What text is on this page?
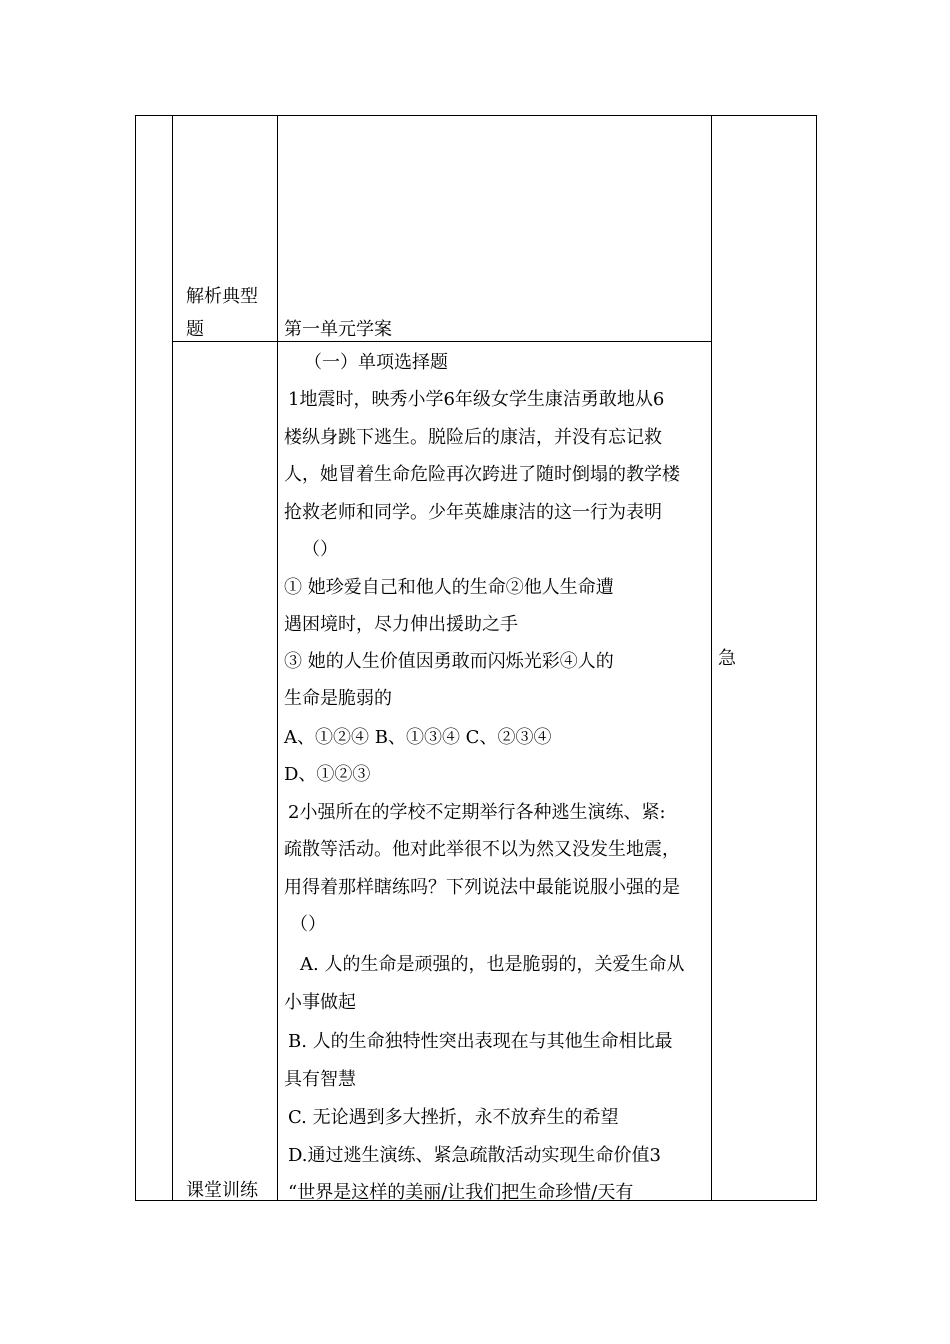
解析典型
题	第一单元学案
课堂训练
急
（一）单项选择题
1地震时，映秀小学6年级女学生康洁勇敢地从6
楼纵身跳下逃生。脱险后的康洁，并没有忘记救
人，她冒着生命危险再次跨进了随时倒塌的教学楼
抢救老师和同学。少年英雄康洁的这一行为表明
（）
① 她珍爱自己和他人的生命②他人生命遭
遇困境时，尽力伸出援助之手
③ 她的人生价值因勇敢而闪烁光彩④人的
生命是脆弱的
A、①②④ B、①③④ C、②③④
D、①②③
2小强所在的学校不定期举行各种逃生演练、紧:
疏散等活动。他对此举很不以为然又没发生地震，
用得着那样瞎练吗？下列说法中最能说服小强的是
（）
A. 人的生命是顽强的，也是脆弱的，关爱生命从
小事做起
B. 人的生命独特性突出表现在与其他生命相比最
具有智慧
C. 无论遇到多大挫折，永不放弃生的希望
D.通过逃生演练、紧急疏散活动实现生命价值3
“世界是这样的美丽/让我们把生命珍惜/天有
